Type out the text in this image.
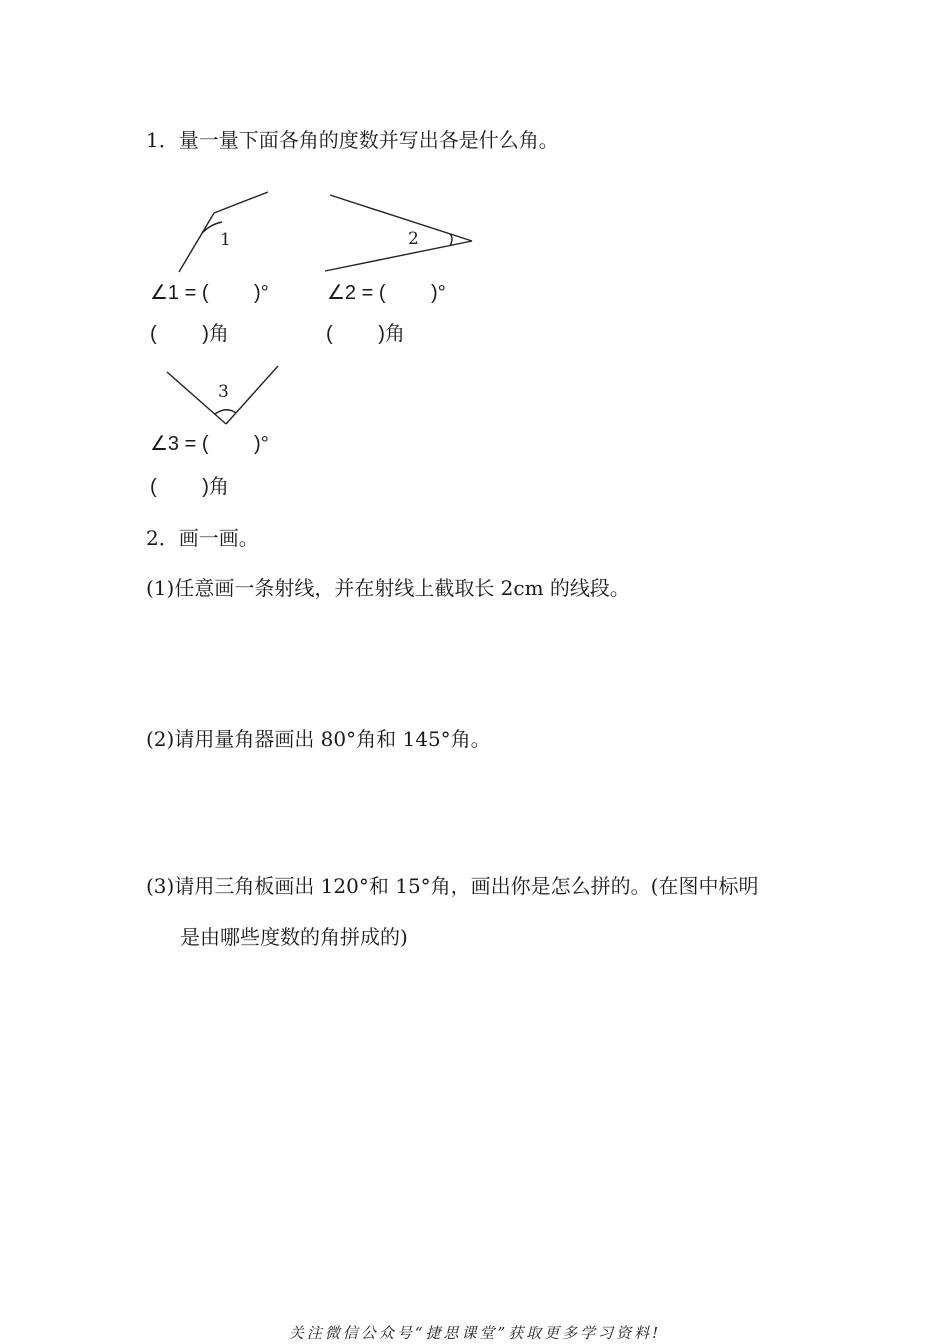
1．量一量下面各角的度数并写出各是什么角。
1	2
3
∠1 = (　　 )°	∠2 = (　　 )°
(　　 )角	(　　 )角
∠3 = (　　 )°
(　　 )角
2．画一画。
(1)任意画一条射线，并在射线上截取长 2cm 的线段。
(2)请用量角器画出 80°角和 145°角。
(3)请用三角板画出 120°和 15°角，画出你是怎么拼的。(在图中标明
是由哪些度数的角拼成的)
关注微信公众号“捷思课堂”获取更多学习资料!
